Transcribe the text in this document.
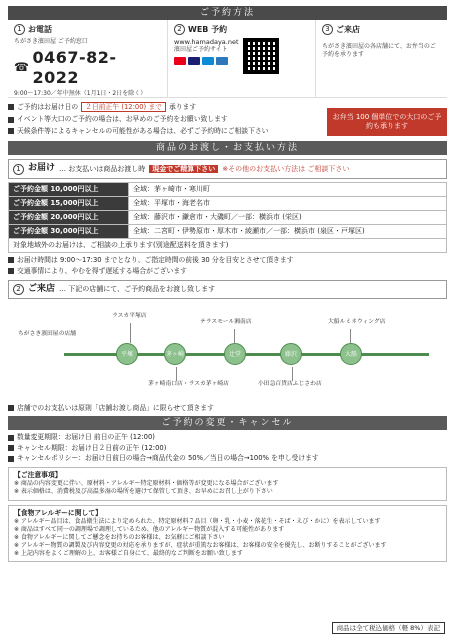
ご予約方法
1 お電話
ちがさき濱田屋 ご予約窓口
☎
0467-82-2022
9:00〜17:30／年中無休（1月1日・2日を除く）
2 WEB 予約
www.hamadaya.net
濱田屋ご予約サイト
3 ご来店
ちがさき濱田屋の各店舗にて、お弁当のご予約を承ります
ご予約はお届け日の	２日前正午 (12:00) まで	承ります
イベント等大口のご予約の場合は、お早めのご予約をお願い致します
天候条件等によるキャンセルの可能性がある場合は、必ずご予約時にご相談下さい
お弁当 100 個単位での大口のご予約も承ります
商品のお渡し・お支払い方法
1 お届け … お支払いは商品お渡し時	現金でご精算下さい	※その他のお支払い方法は ご相談下さい
ご予約金額 10,000円以上	全域：茅ヶ崎市・寒川町
ご予約金額 15,000円以上	全域：平塚市・海老名市
ご予約金額 20,000円以上	全域：藤沢市・鎌倉市・大磯町／一部：横浜市 (栄区)
ご予約金額 30,000円以上	全域：二宮町・伊勢原市・厚木市・綾瀬市／一部：横浜市 (泉区・戸塚区)
対象地域外のお届けは、ご相談の上承ります(別途配送料を頂きます)	
お届け時間は 9:00〜17:30 までとなり、ご指定時間の前後 30 分を目安とさせて頂きます
交通事情により、やむを得ず遅延する場合がございます
2 ご来店 … 下記の店舗にて、ご予約商品をお渡し致します
ちがさき濱田屋の店舗
ラスカ平塚店
テラスモール湘南店	大船ルミネウィング店
茅ヶ崎南口店・ラスカ茅ヶ崎店	小田急百貨店ふじさわ店
平塚	茅ヶ崎	辻堂	藤沢	大船
店舗でのお支払いは原則「店舗お渡し商品」に限らせて頂きます
ご予約の変更・キャンセル
数量変更期限：お届け日 前日の正午 (12:00)
キャンセル期限：お届け日２日前の正午 (12:00)
キャンセルポリシー：お届け日前日の場合→商品代金の 50%／当日の場合→100% を申し受けます
【ご注意事項】

※ 商品の内容変更に伴い、原材料・アレルギー特定原材料・価格等が変更になる場合がございます

※ 表示価格は、消費税及び高温多湿の場所を避けて保管して頂き、お早めにお召し上がり下さい

【食物アレルギーに関して】

※ アレルギー品目は、食品衛生法により定められた、特定原材料７品目（卵・乳・小麦・落花生・そば・えび・かに）を表示しています

※ 商品はすべて同一の調理場で調理しているため、他のアレルギー物質が混入する可能性があります

※ 食物アレルギーに関してご懸念をお持ちのお客様は、お気軽にご相談下さい

※ アレルギー物質の調製及び内容変更の対応を承りますが、症状が重篤なお客様は、お客様の安全を優先し、お断りすることがございます

※ 上記内容をよくご理解の上、お客様ご自身にて、最終的なご判断をお願い致します

商品は全て税込価格（軽 8%）表記
